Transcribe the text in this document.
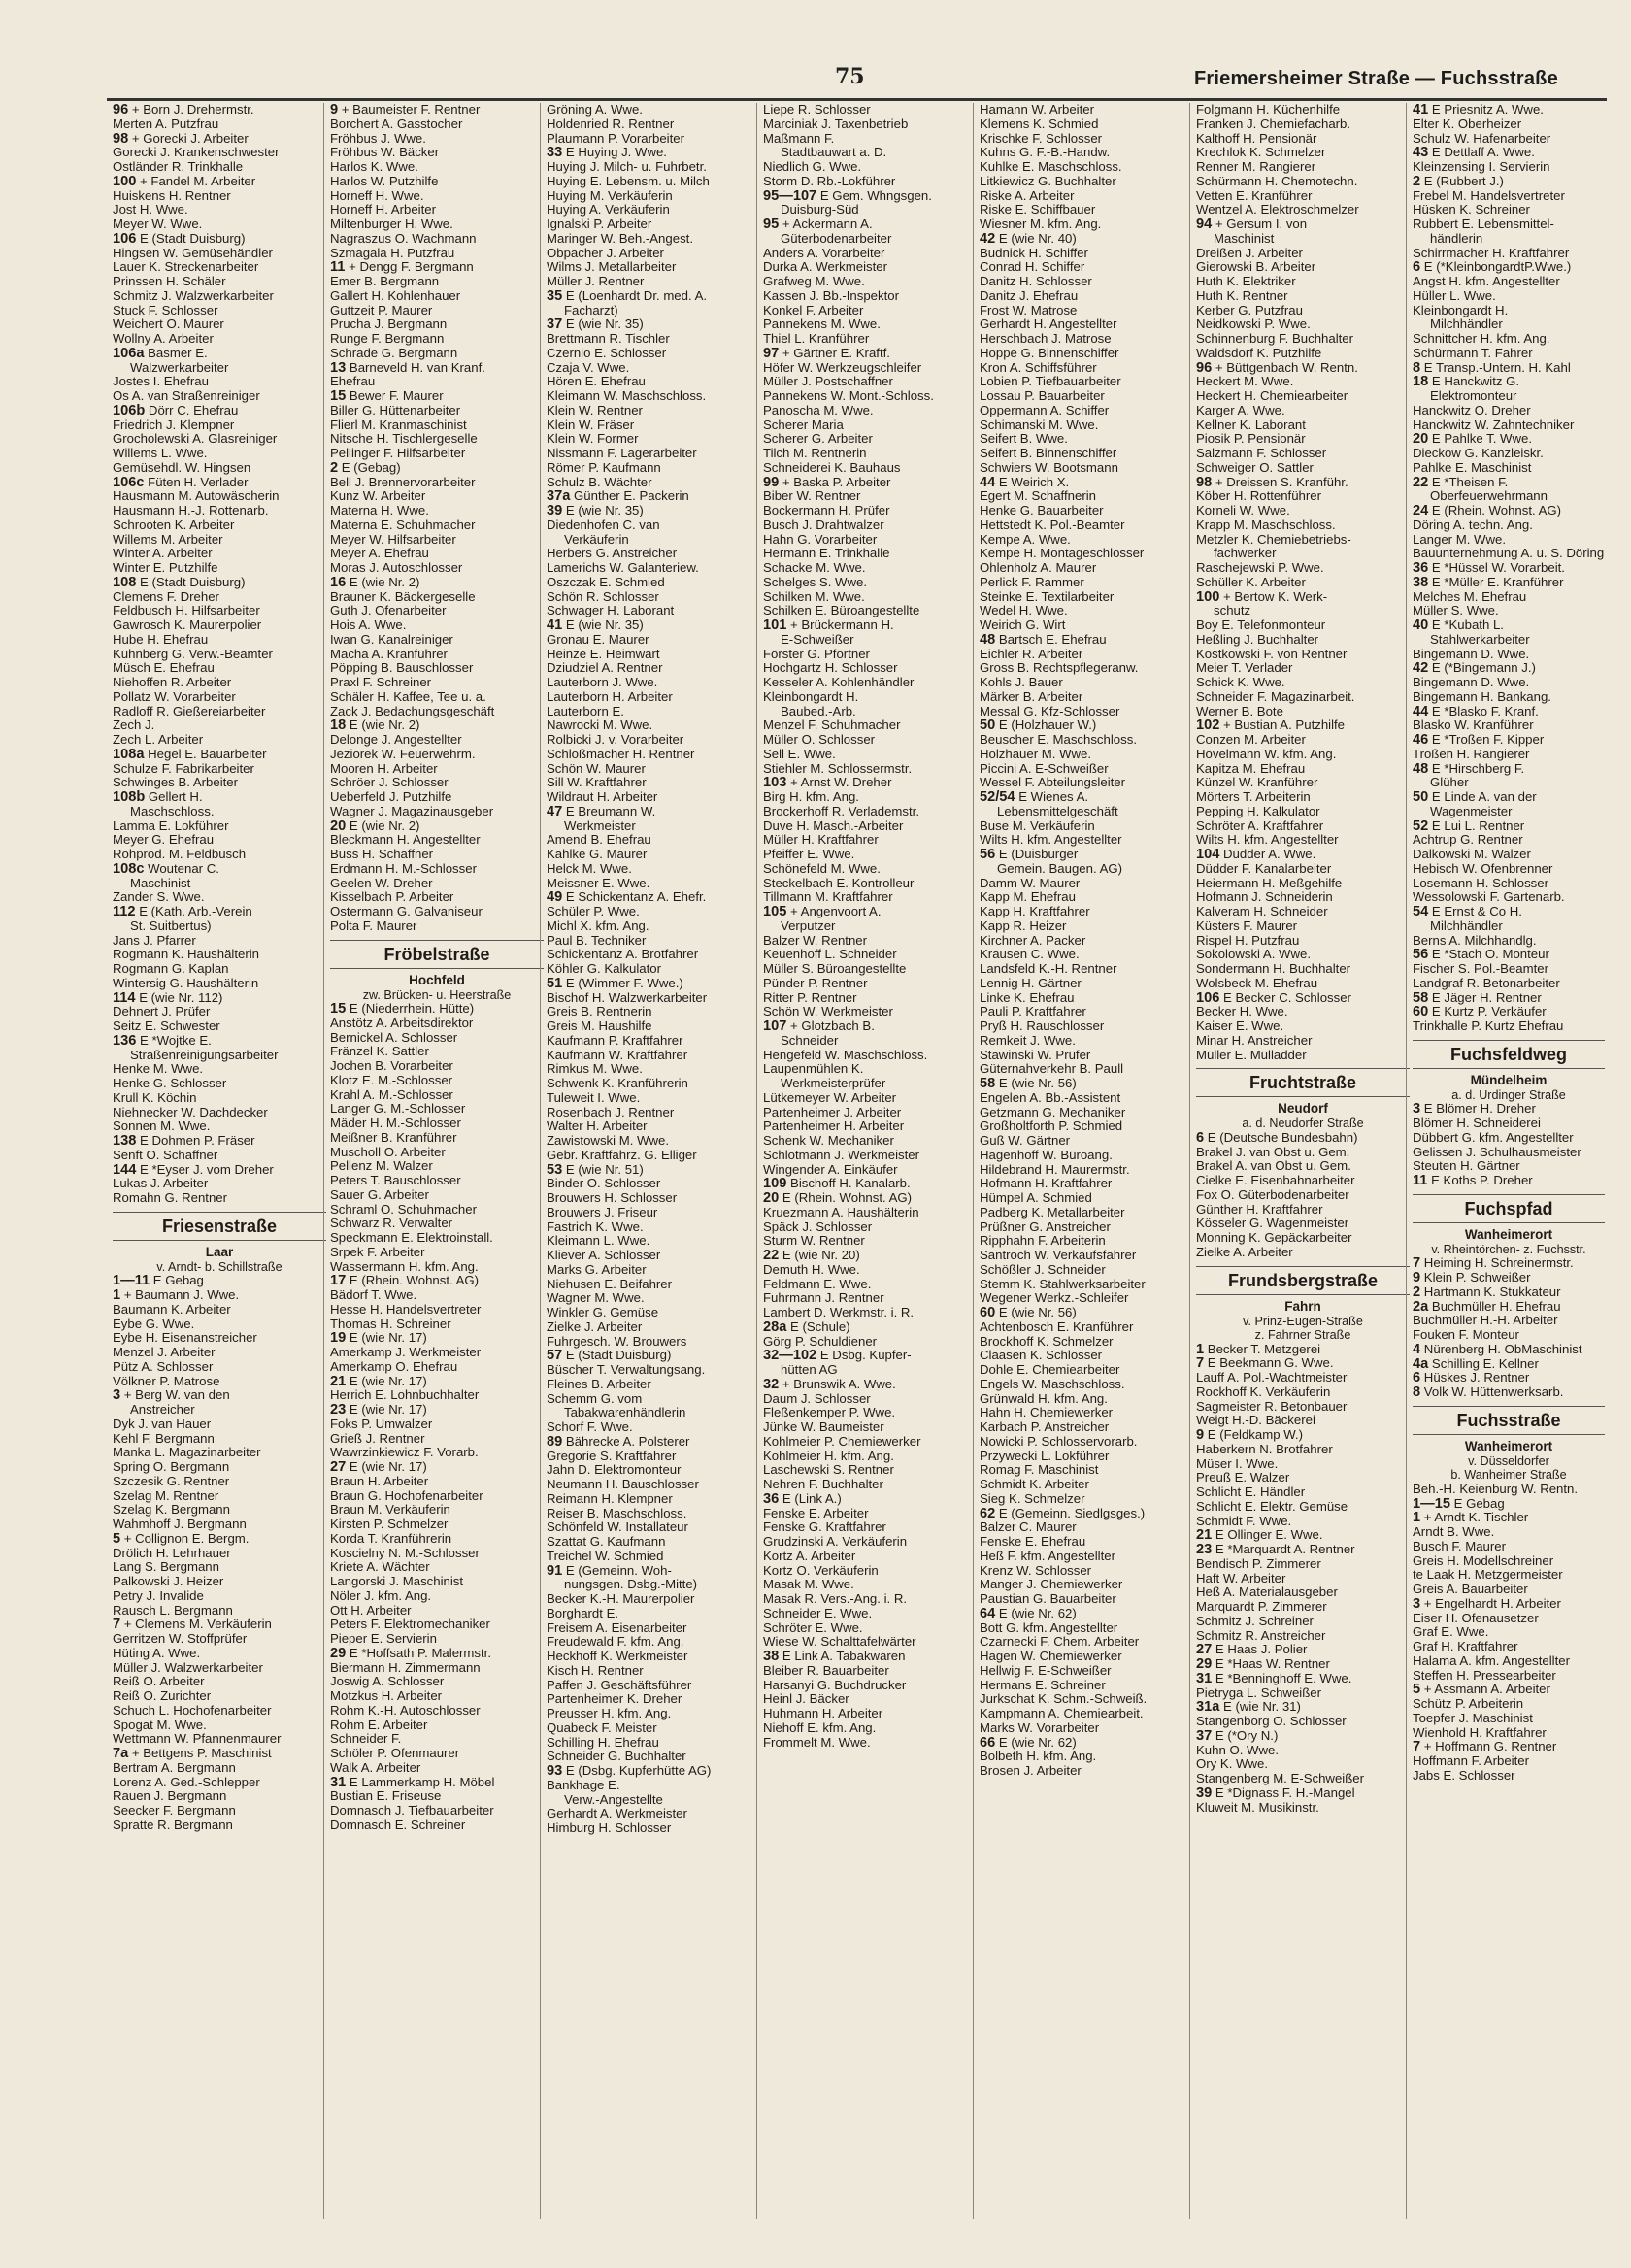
75	Friemersheimer Straße — Fuchsstraße
96 + Born J. Drehermstr.
Merten A. Putzfrau
98 + Gorecki J. Arbeiter
Gorecki J. Krankenschwester
Ostländer R. Trinkhalle
100 + Fandel M. Arbeiter
Huiskens H. Rentner
Jost H. Wwe.
Meyer W. Wwe.
106 E (Stadt Duisburg)
Hingsen W. Gemüsehändler
Lauer K. Streckenarbeiter
Prinssen H. Schäler
Schmitz J. Walzwerkarbeiter
Stuck F. Schlosser
Weichert O. Maurer
Wollny A. Arbeiter
106a Basmer E.
Walzwerkarbeiter
Jostes I. Ehefrau
Os A. van Straßenreiniger
106b Dörr C. Ehefrau
Friedrich J. Klempner
Grocholewski A. Glasreiniger
Willems L. Wwe.
Gemüsehdl. W. Hingsen
106c Füten H. Verlader
Hausmann M. Autowäscherin
Hausmann H.-J. Rottenarb.
Schrooten K. Arbeiter
Willems M. Arbeiter
Winter A. Arbeiter
Winter E. Putzhilfe
108 E (Stadt Duisburg)
Clemens F. Dreher
Feldbusch H. Hilfsarbeiter
Gawrosch K. Maurerpolier
Hube H. Ehefrau
Kühnberg G. Verw.-Beamter
Müsch E. Ehefrau
Niehoffen R. Arbeiter
Pollatz W. Vorarbeiter
Radloff R. Gießereiarbeiter
Zech J.
Zech L. Arbeiter
108a Hegel E. Bauarbeiter
Schulze F. Fabrikarbeiter
Schwinges B. Arbeiter
108b Gellert H.
Maschschloss.
Lamma E. Lokführer
Meyer G. Ehefrau
Rohprod. M. Feldbusch
108c Woutenar C.
Maschinist
Zander S. Wwe.
112 E (Kath. Arb.-Verein
St. Suitbertus)
Jans J. Pfarrer
Rogmann K. Haushälterin
Rogmann G. Kaplan
Wintersig G. Haushälterin
114 E (wie Nr. 112)
Dehnert J. Prüfer
Seitz E. Schwester
136 E *Wojtke E.
Straßenreinigungsarbeiter
Henke M. Wwe.
Henke G. Schlosser
Krull K. Köchin
Niehnecker W. Dachdecker
Sonnen M. Wwe.
138 E Dohmen P. Fräser
Senft O. Schaffner
144 E *Eyser J. vom Dreher
Lukas J. Arbeiter
Romahn G. Rentner
Friesenstraße
Laar
v. Arndt- b. Schillstraße
1—11 E Gebag
1 + Baumann J. Wwe.
Baumann K. Arbeiter
Eybe G. Wwe.
Eybe H. Eisenanstreicher
Menzel J. Arbeiter
Pütz A. Schlosser
Völkner P. Matrose
3 + Berg W. van den
Anstreicher
Dyk J. van Hauer
Kehl F. Bergmann
Manka L. Magazinarbeiter
Spring O. Bergmann
Szczesik G. Rentner
Szelag M. Rentner
Szelag K. Bergmann
Wahmhoff J. Bergmann
5 + Collignon E. Bergm.
Drölich H. Lehrhauer
Lang S. Bergmann
Palkowski J. Heizer
Petry J. Invalide
Rausch L. Bergmann
7 + Clemens M. Verkäuferin
Gerritzen W. Stoffprüfer
Hüting A. Wwe.
Müller J. Walzwerkarbeiter
Reiß O. Arbeiter
Reiß O. Zurichter
Schuch L. Hochofenarbeiter
Spogat M. Wwe.
Wettmann W. Pfannenmaurer
7a + Bettgens P. Maschinist
Bertram A. Bergmann
Lorenz A. Ged.-Schlepper
Rauen J. Bergmann
Seecker F. Bergmann
Spratte R. Bergmann
9 + Baumeister F. Rentner
Borchert A. Gasstocher
Fröhbus J. Wwe.
Fröhbus W. Bäcker
Harlos K. Wwe.
Harlos W. Putzhilfe
Horneff H. Wwe.
Horneff H. Arbeiter
Miltenburger H. Wwe.
Nagraszus O. Wachmann
Szmagala H. Putzfrau
11 + Dengg F. Bergmann
Emer B. Bergmann
Gallert H. Kohlenhauer
Guttzeit P. Maurer
Prucha J. Bergmann
Runge F. Bergmann
Schrade G. Bergmann
13 Barneveld H. van Kranf.
Ehefrau
15 Bewer F. Maurer
Biller G. Hüttenarbeiter
Flierl M. Kranmaschinist
Nitsche H. Tischlergeselle
Pellinger F. Hilfsarbeiter
2 E (Gebag)
Bell J. Brennervorarbeiter
Kunz W. Arbeiter
Materna H. Wwe.
Materna E. Schuhmacher
Meyer W. Hilfsarbeiter
Meyer A. Ehefrau
Moras J. Autoschlosser
16 E (wie Nr. 2)
Brauner K. Bäckergeselle
Guth J. Ofenarbeiter
Hois A. Wwe.
Iwan G. Kanalreiniger
Macha A. Kranführer
Pöpping B. Bauschlosser
Praxl F. Schreiner
Schäler H. Kaffee, Tee u. a.
Zack J. Bedachungsgeschäft
18 E (wie Nr. 2)
Delonge J. Angestellter
Jeziorek W. Feuerwehrm.
Mooren H. Arbeiter
Schröer J. Schlosser
Ueberfeld J. Putzhilfe
Wagner J. Magazinausgeber
20 E (wie Nr. 2)
Bleckmann H. Angestellter
Buss H. Schaffner
Erdmann H. M.-Schlosser
Geelen W. Dreher
Kisselbach P. Arbeiter
Ostermann G. Galvaniseur
Polta F. Maurer
Fröbelstraße
Hochfeld
zw. Brücken- u. Heerstraße
15 E (Niederrhein. Hütte)
Anstötz A. Arbeitsdirektor
Bernickel A. Schlosser
Fränzel K. Sattler
Jochen B. Vorarbeiter
Klotz E. M.-Schlosser
Krahl A. M.-Schlosser
Langer G. M.-Schlosser
Mäder H. M.-Schlosser
Meißner B. Kranführer
Muscholl O. Arbeiter
Pellenz M. Walzer
Peters T. Bauschlosser
Sauer G. Arbeiter
Schraml O. Schuhmacher
Schwarz R. Verwalter
Speckmann E. Elektroinstall.
Srpek F. Arbeiter
Wassermann H. kfm. Ang.
17 E (Rhein. Wohnst. AG)
Bädorf T. Wwe.
Hesse H. Handelsvertreter
Thomas H. Schreiner
19 E (wie Nr. 17)
Amerkamp J. Werkmeister
Amerkamp O. Ehefrau
21 E (wie Nr. 17)
Herrich E. Lohnbuchhalter
23 E (wie Nr. 17)
Foks P. Umwalzer
Grieß J. Rentner
Wawrzinkiewicz F. Vorarb.
27 E (wie Nr. 17)
Braun H. Arbeiter
Braun G. Hochofenarbeiter
Braun M. Verkäuferin
Kirsten P. Schmelzer
Korda T. Kranführerin
Koscielny N. M.-Schlosser
Kriete A. Wächter
Langorski J. Maschinist
Nöler J. kfm. Ang.
Ott H. Arbeiter
Peters F. Elektromechaniker
Pieper E. Servierin
29 E *Hoffsath P. Malermstr.
Biermann H. Zimmermann
Joswig A. Schlosser
Motzkus H. Arbeiter
Rohm K.-H. Autoschlosser
Rohm E. Arbeiter
Schneider F.
Schöler P. Ofenmaurer
Walk A. Arbeiter
31 E Lammerkamp H. Möbel
Bustian E. Friseuse
Domnasch J. Tiefbauarbeiter
Domnasch E. Schreiner
Gröning A. Wwe.
Holdenried R. Rentner
Plaumann P. Vorarbeiter
33 E Huying J. Wwe.
Huying J. Milch- u. Fuhrbetr.
Huying E. Lebensm. u. Milch
Huying M. Verkäuferin
Huying A. Verkäuferin
Ignalski P. Arbeiter
Maringer W. Beh.-Angest.
Obpacher J. Arbeiter
Wilms J. Metallarbeiter
Müller J. Rentner
35 E (Loenhardt Dr. med. A.
Facharzt)
37 E (wie Nr. 35)
Brettmann R. Tischler
Czernio E. Schlosser
Czaja V. Wwe.
Hören E. Ehefrau
Kleimann W. Maschschloss.
Klein W. Rentner
Klein W. Fräser
Klein W. Former
Nissmann F. Lagerarbeiter
Römer P. Kaufmann
Schulz B. Wächter
37a Günther E. Packerin
39 E (wie Nr. 35)
Diedenhofen C. van
Verkäuferin
Herbers G. Anstreicher
Lamerichs W. Galanteriew.
Oszczak E. Schmied
Schön R. Schlosser
Schwager H. Laborant
41 E (wie Nr. 35)
Gronau E. Maurer
Heinze E. Heimwart
Dziudziel A. Rentner
Lauterborn J. Wwe.
Lauterborn H. Arbeiter
Lauterborn E.
Nawrocki M. Wwe.
Rolbicki J. v. Vorarbeiter
Schloßmacher H. Rentner
Schön W. Maurer
Sill W. Kraftfahrer
Wildraut H. Arbeiter
47 E Breumann W.
Werkmeister
Amend B. Ehefrau
Kahlke G. Maurer
Helck M. Wwe.
Meissner E. Wwe.
49 E Schickentanz A. Ehefr.
Schüler P. Wwe.
Michl X. kfm. Ang.
Paul B. Techniker
Schickentanz A. Brotfahrer
Köhler G. Kalkulator
51 E (Wimmer F. Wwe.)
Bischof H. Walzwerkarbeiter
Greis B. Rentnerin
Greis M. Haushilfe
Kaufmann P. Kraftfahrer
Kaufmann W. Kraftfahrer
Rimkus M. Wwe.
Schwenk K. Kranführerin
Tuleweit I. Wwe.
Rosenbach J. Rentner
Walter H. Arbeiter
Zawistowski M. Wwe.
Gebr. Kraftfahrz. G. Elliger
53 E (wie Nr. 51)
Binder O. Schlosser
Brouwers H. Schlosser
Brouwers J. Friseur
Fastrich K. Wwe.
Kleimann L. Wwe.
Kliever A. Schlosser
Marks G. Arbeiter
Niehusen E. Beifahrer
Wagner M. Wwe.
Winkler G. Gemüse
Zielke J. Arbeiter
Fuhrgesch. W. Brouwers
57 E (Stadt Duisburg)
Büscher T. Verwaltungsang.
Fleines B. Arbeiter
Schemm G. vom
Tabakwarenhändlerin
Schorf F. Wwe.
89 Bährecke A. Polsterer
Gregorie S. Kraftfahrer
Jahn D. Elektromonteur
Neumann H. Bauschlosser
Reimann H. Klempner
Reiser B. Maschschloss.
Schönfeld W. Installateur
Szattat G. Kaufmann
Treichel W. Schmied
91 E (Gemeinn. Woh-
nungsgen. Dsbg.-Mitte)
Becker K.-H. Maurerpolier
Borghardt E.
Freisem A. Eisenarbeiter
Freudewald F. kfm. Ang.
Heckhoff K. Werkmeister
Kisch H. Rentner
Paffen J. Geschäftsführer
Partenheimer K. Dreher
Preusser H. kfm. Ang.
Quabeck F. Meister
Schilling H. Ehefrau
Schneider G. Buchhalter
93 E (Dsbg. Kupferhütte AG)
Bankhage E.
Verw.-Angestellte
Gerhardt A. Werkmeister
Himburg H. Schlosser
Liepe R. Schlosser
Marciniak J. Taxenbetrieb
Maßmann F.
Stadtbauwart a. D.
Niedlich G. Wwe.
Storm D. Rb.-Lokführer
95—107 E Gem. Whngsgen.
Duisburg-Süd
95 + Ackermann A.
Güterbodenarbeiter
Anders A. Vorarbeiter
Durka A. Werkmeister
Grafweg M. Wwe.
Kassen J. Bb.-Inspektor
Konkel F. Arbeiter
Pannekens M. Wwe.
Thiel L. Kranführer
97 + Gärtner E. Kraftf.
Höfer W. Werkzeugschleifer
Müller J. Postschaffner
Pannekens W. Mont.-Schloss.
Panoscha M. Wwe.
Scherer Maria
Scherer G. Arbeiter
Tilch M. Rentnerin
Schneiderei K. Bauhaus
99 + Baska P. Arbeiter
Biber W. Rentner
Bockermann H. Prüfer
Busch J. Drahtwalzer
Hahn G. Vorarbeiter
Hermann E. Trinkhalle
Schacke M. Wwe.
Schelges S. Wwe.
Schilken M. Wwe.
Schilken E. Büroangestellte
101 + Brückermann H.
E-Schweißer
Förster G. Pförtner
Hochgartz H. Schlosser
Kesseler A. Kohlenhändler
Kleinbongardt H.
Baubed.-Arb.
Menzel F. Schuhmacher
Müller O. Schlosser
Sell E. Wwe.
Stiehler M. Schlossermstr.
103 + Arnst W. Dreher
Birg H. kfm. Ang.
Brockerhoff R. Verlademstr.
Duve H. Masch.-Arbeiter
Müller H. Kraftfahrer
Pfeiffer E. Wwe.
Schönefeld M. Wwe.
Steckelbach E. Kontrolleur
Tillmann M. Kraftfahrer
105 + Angenvoort A.
Verputzer
Balzer W. Rentner
Keuenhoff L. Schneider
Müller S. Büroangestellte
Pünder P. Rentner
Ritter P. Rentner
Schön W. Werkmeister
107 + Glotzbach B.
Schneider
Hengefeld W. Maschschloss.
Laupenmühlen K.
Werkmeisterprüfer
Lütkemeyer W. Arbeiter
Partenheimer J. Arbeiter
Partenheimer H. Arbeiter
Schenk W. Mechaniker
Schlotmann J. Werkmeister
Wingender A. Einkäufer
109 Bischoff H. Kanalarb.
20 E (Rhein. Wohnst. AG)
Kruezmann A. Haushälterin
Späck J. Schlosser
Sturm W. Rentner
22 E (wie Nr. 20)
Demuth H. Wwe.
Feldmann E. Wwe.
Fuhrmann J. Rentner
Lambert D. Werkmstr. i. R.
28a E (Schule)
Görg P. Schuldiener
32—102 E Dsbg. Kupfer-
hütten AG
32 + Brunswik A. Wwe.
Daum J. Schlosser
Fleßenkemper P. Wwe.
Jünke W. Baumeister
Kohlmeier P. Chemiewerker
Kohlmeier H. kfm. Ang.
Laschewski S. Rentner
Nehren F. Buchhalter
36 E (Link A.)
Fenske E. Arbeiter
Fenske G. Kraftfahrer
Grudzinski A. Verkäuferin
Kortz A. Arbeiter
Kortz O. Verkäuferin
Masak M. Wwe.
Masak R. Vers.-Ang. i. R.
Schneider E. Wwe.
Schröter E. Wwe.
Wiese W. Schalttafelwärter
38 E Link A. Tabakwaren
Bleiber R. Bauarbeiter
Harsanyi G. Buchdrucker
Heinl J. Bäcker
Huhmann H. Arbeiter
Niehoff E. kfm. Ang.
Frommelt M. Wwe.
Hamann W. Arbeiter
Klemens K. Schmied
Krischke F. Schlosser
Kuhns G. F.-B.-Handw.
Kuhlke E. Maschschloss.
Litkiewicz G. Buchhalter
Riske A. Arbeiter
Riske E. Schiffbauer
Wiesner M. kfm. Ang.
42 E (wie Nr. 40)
Budnick H. Schiffer
Conrad H. Schiffer
Danitz H. Schlosser
Danitz J. Ehefrau
Frost W. Matrose
Gerhardt H. Angestellter
Herschbach J. Matrose
Hoppe G. Binnenschiffer
Kron A. Schiffsführer
Lobien P. Tiefbauarbeiter
Lossau P. Bauarbeiter
Oppermann A. Schiffer
Schimanski M. Wwe.
Seifert B. Wwe.
Seifert B. Binnenschiffer
Schwiers W. Bootsmann
44 E Weirich X.
Egert M. Schaffnerin
Henke G. Bauarbeiter
Hettstedt K. Pol.-Beamter
Kempe A. Wwe.
Kempe H. Montageschlosser
Ohlenholz A. Maurer
Perlick F. Rammer
Steinke E. Textilarbeiter
Wedel H. Wwe.
Weirich G. Wirt
48 Bartsch E. Ehefrau
Eichler R. Arbeiter
Gross B. Rechtspflegeranw.
Kohls J. Bauer
Märker B. Arbeiter
Messal G. Kfz-Schlosser
50 E (Holzhauer W.)
Beuscher E. Maschschloss.
Holzhauer M. Wwe.
Piccini A. E-Schweißer
Wessel F. Abteilungsleiter
52/54 E Wienes A.
Lebensmittelgeschäft
Buse M. Verkäuferin
Wilts H. kfm. Angestellter
56 E (Duisburger
Gemein. Baugen. AG)
Damm W. Maurer
Kapp M. Ehefrau
Kapp H. Kraftfahrer
Kapp R. Heizer
Kirchner A. Packer
Krausen C. Wwe.
Landsfeld K.-H. Rentner
Lennig H. Gärtner
Linke K. Ehefrau
Pauli P. Kraftfahrer
Pryß H. Rauschlosser
Remkeit J. Wwe.
Stawinski W. Prüfer
Güternahverkehr B. Paull
58 E (wie Nr. 56)
Engelen A. Bb.-Assistent
Getzmann G. Mechaniker
Großholtforth P. Schmied
Guß W. Gärtner
Hagenhoff W. Büroang.
Hildebrand H. Maurermstr.
Hofmann H. Kraftfahrer
Hümpel A. Schmied
Padberg K. Metallarbeiter
Prüßner G. Anstreicher
Ripphahn F. Arbeiterin
Santroch W. Verkaufsfahrer
Schößler J. Schneider
Stemm K. Stahlwerksarbeiter
Wegener Werkz.-Schleifer
60 E (wie Nr. 56)
Achtenbosch E. Kranführer
Brockhoff K. Schmelzer
Claasen K. Schlosser
Dohle E. Chemiearbeiter
Engels W. Maschschloss.
Grünwald H. kfm. Ang.
Hahn H. Chemiewerker
Karbach P. Anstreicher
Nowicki P. Schlosservorarb.
Przywecki L. Lokführer
Romag F. Maschinist
Schmidt K. Arbeiter
Sieg K. Schmelzer
62 E (Gemeinn. Siedlgsges.)
Balzer C. Maurer
Fenske E. Ehefrau
Heß F. kfm. Angestellter
Krenz W. Schlosser
Manger J. Chemiewerker
Paustian G. Bauarbeiter
64 E (wie Nr. 62)
Bott G. kfm. Angestellter
Czarnecki F. Chem. Arbeiter
Hagen W. Chemiewerker
Hellwig F. E-Schweißer
Hermans E. Schreiner
Jurkschat K. Schm.-Schweiß.
Kampmann A. Chemiearbeit.
Marks W. Vorarbeiter
66 E (wie Nr. 62)
Bolbeth H. kfm. Ang.
Brosen J. Arbeiter
Folgmann H. Küchenhilfe
Franken J. Chemiefacharb.
Kalthoff H. Pensionär
Krechlok K. Schmelzer
Renner M. Rangierer
Schürmann H. Chemotechn.
Vetten E. Kranführer
Wentzel A. Elektroschmelzer
94 + Gersum I. von
Maschinist
Dreißen J. Arbeiter
Gierowski B. Arbeiter
Huth K. Elektriker
Huth K. Rentner
Kerber G. Putzfrau
Neidkowski P. Wwe.
Schinnenburg F. Buchhalter
Waldsdorf K. Putzhilfe
96 + Büttgenbach W. Rentn.
Heckert M. Wwe.
Heckert H. Chemiearbeiter
Karger A. Wwe.
Kellner K. Laborant
Piosik P. Pensionär
Salzmann F. Schlosser
Schweiger O. Sattler
98 + Dreissen S. Kranführ.
Köber H. Rottenführer
Korneli W. Wwe.
Krapp M. Maschschloss.
Metzler K. Chemiebetriebs-
fachwerker
Raschejewski P. Wwe.
Schüller K. Arbeiter
100 + Bertow K. Werk-
schutz
Boy E. Telefonmonteur
Heßling J. Buchhalter
Kostkowski F. von Rentner
Meier T. Verlader
Schick K. Wwe.
Schneider F. Magazinarbeit.
Werner B. Bote
102 + Bustian A. Putzhilfe
Conzen M. Arbeiter
Hövelmann W. kfm. Ang.
Kapitza M. Ehefrau
Künzel W. Kranführer
Mörters T. Arbeiterin
Pepping H. Kalkulator
Schröter A. Kraftfahrer
Wilts H. kfm. Angestellter
104 Düdder A. Wwe.
Düdder F. Kanalarbeiter
Heiermann H. Meßgehilfe
Hofmann J. Schneiderin
Kalveram H. Schneider
Küsters F. Maurer
Rispel H. Putzfrau
Sokolowski A. Wwe.
Sondermann H. Buchhalter
Wolsbeck M. Ehefrau
106 E Becker C. Schlosser
Becker H. Wwe.
Kaiser E. Wwe.
Minar H. Anstreicher
Müller E. Mülladder
Fruchtstraße
Neudorf
a. d. Neudorfer Straße
6 E (Deutsche Bundesbahn)
Brakel J. van Obst u. Gem.
Brakel A. van Obst u. Gem.
Cielke E. Eisenbahnarbeiter
Fox O. Güterbodenarbeiter
Günther H. Kraftfahrer
Kösseler G. Wagenmeister
Monning K. Gepäckarbeiter
Zielke A. Arbeiter
Frundsbergstraße
Fahrn
v. Prinz-Eugen-Straße
z. Fahrner Straße
1 Becker T. Metzgerei
7 E Beekmann G. Wwe.
Lauff A. Pol.-Wachtmeister
Rockhoff K. Verkäuferin
Sagmeister R. Betonbauer
Weigt H.-D. Bäckerei
9 E (Feldkamp W.)
Haberkern N. Brotfahrer
Müser I. Wwe.
Preuß E. Walzer
Schlicht E. Händler
Schlicht E. Elektr. Gemüse
Schmidt F. Wwe.
21 E Ollinger E. Wwe.
23 E *Marquardt A. Rentner
Bendisch P. Zimmerer
Haft W. Arbeiter
Heß A. Materialausgeber
Marquardt P. Zimmerer
Schmitz J. Schreiner
Schmitz R. Anstreicher
27 E Haas J. Polier
29 E *Haas W. Rentner
31 E *Benninghoff E. Wwe.
Pietryga L. Schweißer
31a E (wie Nr. 31)
Stangenborg O. Schlosser
37 E (*Ory N.)
Kuhn O. Wwe.
Ory K. Wwe.
Stangenberg M. E-Schweißer
39 E *Dignass F. H.-Mangel
Kluweit M. Musikinstr.
41 E Priesnitz A. Wwe.
Elter K. Oberheizer
Schulz W. Hafenarbeiter
43 E Dettlaff A. Wwe.
Kleinzensing I. Servierin
2 E (Rubbert J.)
Frebel M. Handelsvertreter
Hüsken K. Schreiner
Rubbert E. Lebensmittel-
händlerin
Schirrmacher H. Kraftfahrer
6 E (*KleinbongardtP.Wwe.)
Angst H. kfm. Angestellter
Hüller L. Wwe.
Kleinbongardt H.
Milchhändler
Schnittcher H. kfm. Ang.
Schürmann T. Fahrer
8 E Transp.-Untern. H. Kahl
18 E Hanckwitz G.
Elektromonteur
Hanckwitz O. Dreher
Hanckwitz W. Zahntechniker
20 E Pahlke T. Wwe.
Dieckow G. Kanzleiskr.
Pahlke E. Maschinist
22 E *Theisen F.
Oberfeuerwehrmann
24 E (Rhein. Wohnst. AG)
Döring A. techn. Ang.
Langer M. Wwe.
Bauunternehmung A. u. S. Döring
36 E *Hüssel W. Vorarbeit.
38 E *Müller E. Kranführer
Melches M. Ehefrau
Müller S. Wwe.
40 E *Kubath L.
Stahlwerkarbeiter
Bingemann D. Wwe.
42 E (*Bingemann J.)
Bingemann D. Wwe.
Bingemann H. Bankang.
44 E *Blasko F. Kranf.
Blasko W. Kranführer
46 E *Troßen F. Kipper
Troßen H. Rangierer
48 E *Hirschberg F.
Glüher
50 E Linde A. van der
Wagenmeister
52 E Lui L. Rentner
Achtrup G. Rentner
Dalkowski M. Walzer
Hebisch W. Ofenbrenner
Losemann H. Schlosser
Wessolowski F. Gartenarb.
54 E Ernst & Co H.
Milchhändler
Berns A. Milchhandlg.
56 E *Stach O. Monteur
Fischer S. Pol.-Beamter
Landgraf R. Betonarbeiter
58 E Jäger H. Rentner
60 E Kurtz P. Verkäufer
Trinkhalle P. Kurtz Ehefrau
Fuchsfeldweg
Mündelheim
a. d. Urdinger Straße
3 E Blömer H. Dreher
Blömer H. Schneiderei
Dübbert G. kfm. Angestellter
Gelissen J. Schulhausmeister
Steuten H. Gärtner
11 E Koths P. Dreher
Fuchspfad
Wanheimerort
v. Rheintörchen- z. Fuchsstr.
7 Heiming H. Schreinermstr.
9 Klein P. Schweißer
2 Hartmann K. Stukkateur
2a Buchmüller H. Ehefrau
Buchmüller H.-H. Arbeiter
Fouken F. Monteur
4 Nürenberg H. ObMaschinist
4a Schilling E. Kellner
6 Hüskes J. Rentner
8 Volk W. Hüttenwerksarb.
Fuchsstraße
Wanheimerort
v. Düsseldorfer
b. Wanheimer Straße
Beh.-H. Keienburg W. Rentn.
1—15 E Gebag
1 + Arndt K. Tischler
Arndt B. Wwe.
Busch F. Maurer
Greis H. Modellschreiner
te Laak H. Metzgermeister
Greis A. Bauarbeiter
3 + Engelhardt H. Arbeiter
Eiser H. Ofenausetzer
Graf E. Wwe.
Graf H. Kraftfahrer
Halama A. kfm. Angestellter
Steffen H. Pressearbeiter
5 + Assmann A. Arbeiter
Schütz P. Arbeiterin
Toepfer J. Maschinist
Wienhold H. Kraftfahrer
7 + Hoffmann G. Rentner
Hoffmann F. Arbeiter
Jabs E. Schlosser
